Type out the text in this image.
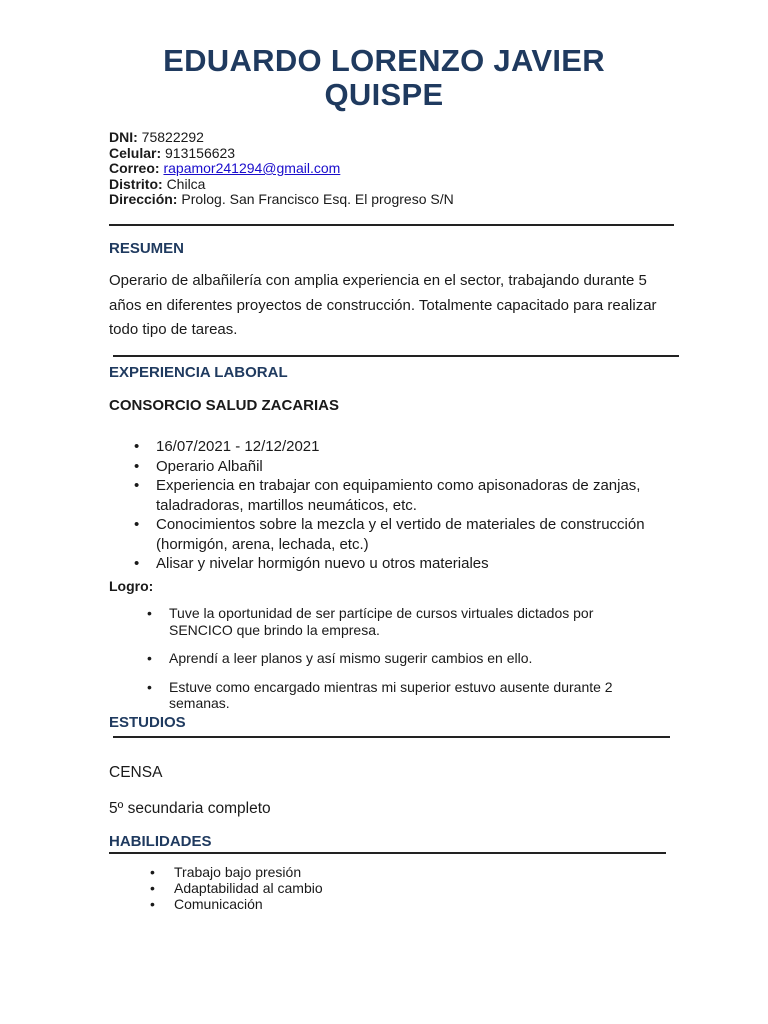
EDUARDO LORENZO JAVIER
QUISPE
DNI: 75822292
Celular: 913156623
Correo: rapamor241294@gmail.com
Distrito: Chilca
Dirección: Prolog. San Francisco Esq. El progreso S/N
RESUMEN
Operario de albañilería con amplia experiencia en el sector, trabajando durante 5 años en diferentes proyectos de construcción. Totalmente capacitado para realizar todo tipo de tareas.
EXPERIENCIA LABORAL
CONSORCIO SALUD ZACARIAS
• 16/07/2021 - 12/12/2021
• Operario Albañil
• Experiencia en trabajar con equipamiento como apisonadoras de zanjas, taladradoras, martillos neumáticos, etc.
• Conocimientos sobre la mezcla y el vertido de materiales de construcción (hormigón, arena, lechada, etc.)
• Alisar y nivelar hormigón nuevo u otros materiales
Logro:
• Tuve la oportunidad de ser partícipe de cursos virtuales dictados por SENCICO que brindo la empresa.
• Aprendí a leer planos y así mismo sugerir cambios en ello.
• Estuve como encargado mientras mi superior estuvo ausente durante 2 semanas.
ESTUDIOS
CENSA
5º secundaria completo
HABILIDADES
• Trabajo bajo presión
• Adaptabilidad al cambio
• Comunicación
